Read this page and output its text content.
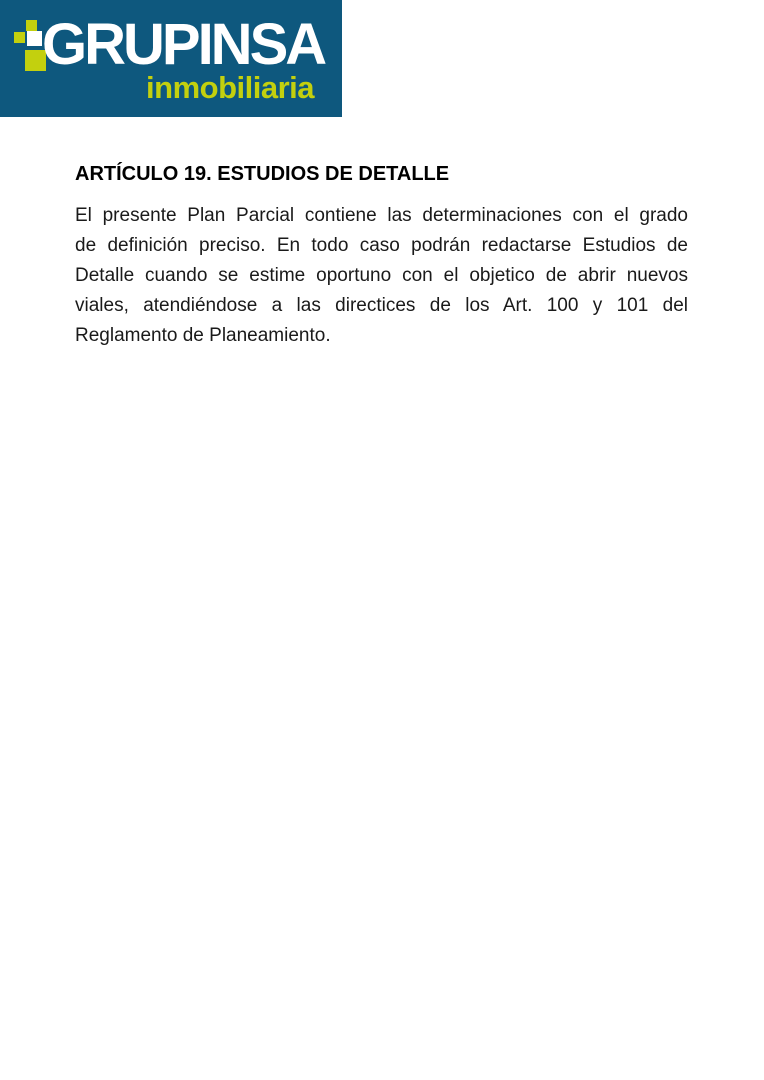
GRUPINSA
inmobiliaria
ARTÍCULO 19. ESTUDIOS DE DETALLE
El presente Plan Parcial contiene las determinaciones con el grado
de definición preciso. En todo caso podrán redactarse Estudios de
Detalle cuando se estime oportuno con el objetico de abrir nuevos
viales, atendiéndose a las directices de los Art. 100 y 101 del
Reglamento de Planeamiento.
